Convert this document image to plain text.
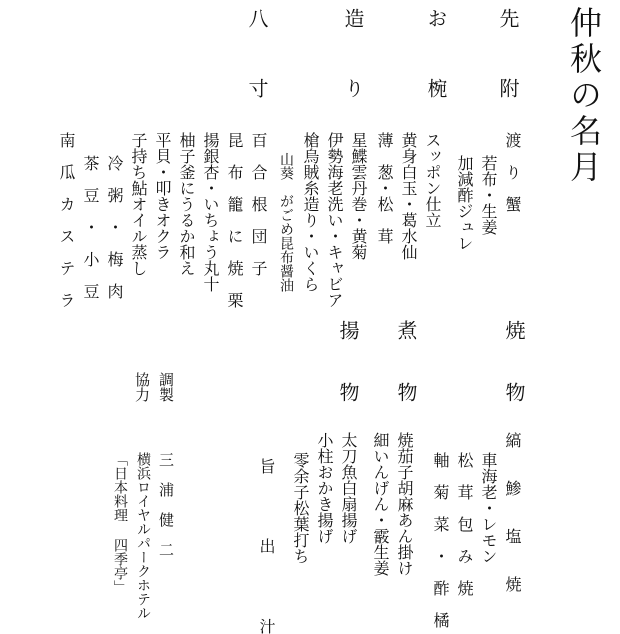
仲秋の名月
先
附
お
椀
造
り
八
寸
渡　り　蟹
若布・生姜
加減酢ジュレ
スッポン仕立
黄身白玉・葛水仙
薄　葱・松　茸
星鰈雲丹巻・黄菊
伊勢海老洗い・キャビア
槍烏賊糸造り・いくら
山葵　がごめ昆布醤油
百　合　根　団　子
昆　布　籠　に　焼　栗
揚銀杏・いちょう丸十
柚子釜にうるか和え
平貝・叩きオクラ
子持ち鮎オイル蒸し
冷　粥　・　梅　肉
茶　豆　・　小　豆
南　瓜　カ　ス　テ　ラ
焼
物
煮
物
揚
物
縞　　鯵　　塩　　焼
車海老・レモン
松　茸　包　み　焼
軸　菊　菜　・　酢　橘
焼茄子胡麻あん掛け
細いんげん・霰生姜
太刀魚白扇揚げ
小柱おかき揚げ
零余子松葉打ち
旨　　　　出　　　　汁
調製
協力
三　浦　健　二
横浜ロイヤルパークホテル
「日本料理 四季亭」
